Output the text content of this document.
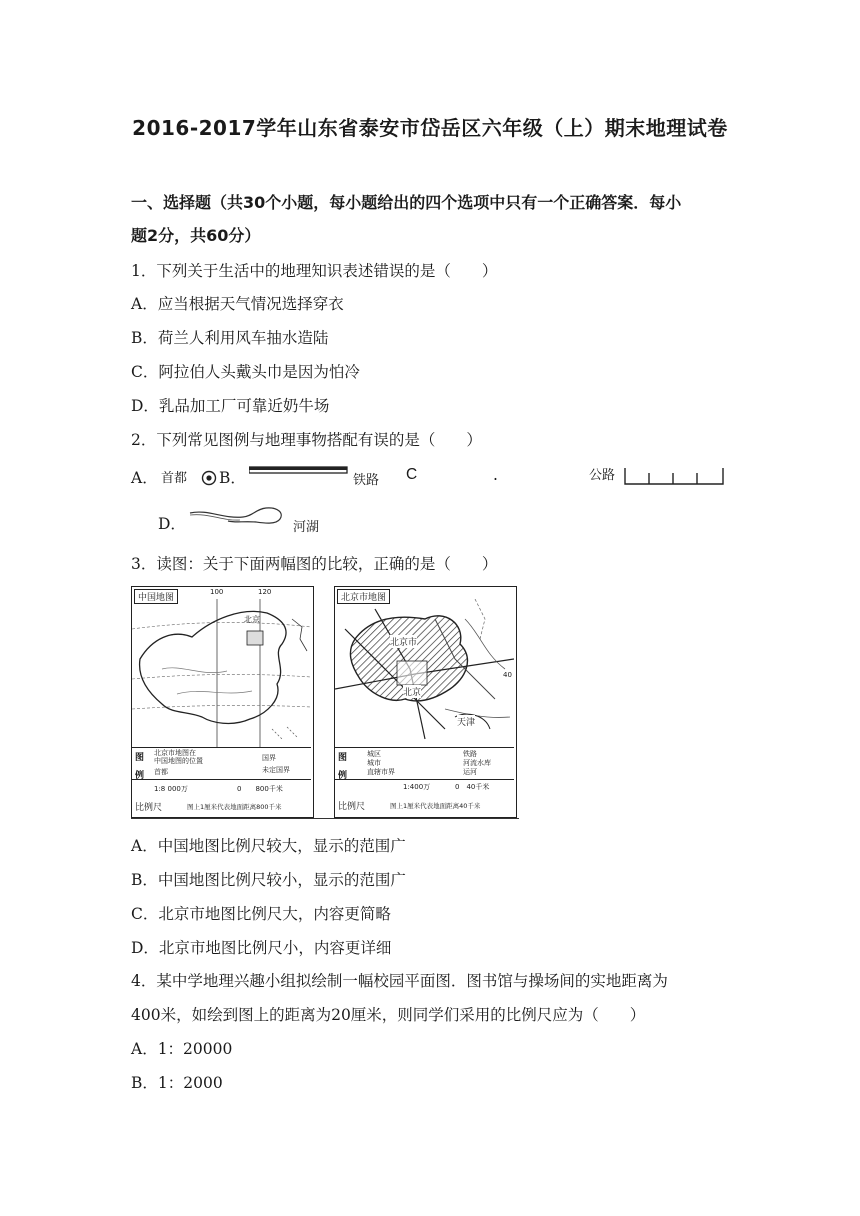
2016-2017学年山东省泰安市岱岳区六年级（上）期末地理试卷
一、选择题（共30个小题，每小题给出的四个选项中只有一个正确答案．每小
题2分，共60分）
1．下列关于生活中的地理知识表述错误的是（　　）
A．应当根据天气情况选择穿衣
B．荷兰人利用风车抽水造陆
C．阿拉伯人头戴头巾是因为怕冷
D．乳品加工厂可靠近奶牛场
2．下列常见图例与地理事物搭配有误的是（　　）
A． 首都 B．	铁路 C	.	公路
D．	河湖
3．读图：关于下面两幅图的比较，正确的是（　　）
中国地图
100	120
北京
图
例
北京市地图在
中国地图的位置
首都
国界
未定国界
1:8 000万	0　　800千米
比例尺	图上1厘米代表地面距离800千米
北京市地图
北京市
北京
天津
40
图
例
城区
城市
直辖市界
铁路
河流水库
运河
1:400万	0　40千米
比例尺	图上1厘米代表地面距离40千米
A．中国地图比例尺较大，显示的范围广
B．中国地图比例尺较小，显示的范围广
C．北京市地图比例尺大，内容更简略
D．北京市地图比例尺小，内容更详细
4．某中学地理兴趣小组拟绘制一幅校园平面图．图书馆与操场间的实地距离为
400米，如绘到图上的距离为20厘米，则同学们采用的比例尺应为（　　）
A．1：20000
B．1：2000
